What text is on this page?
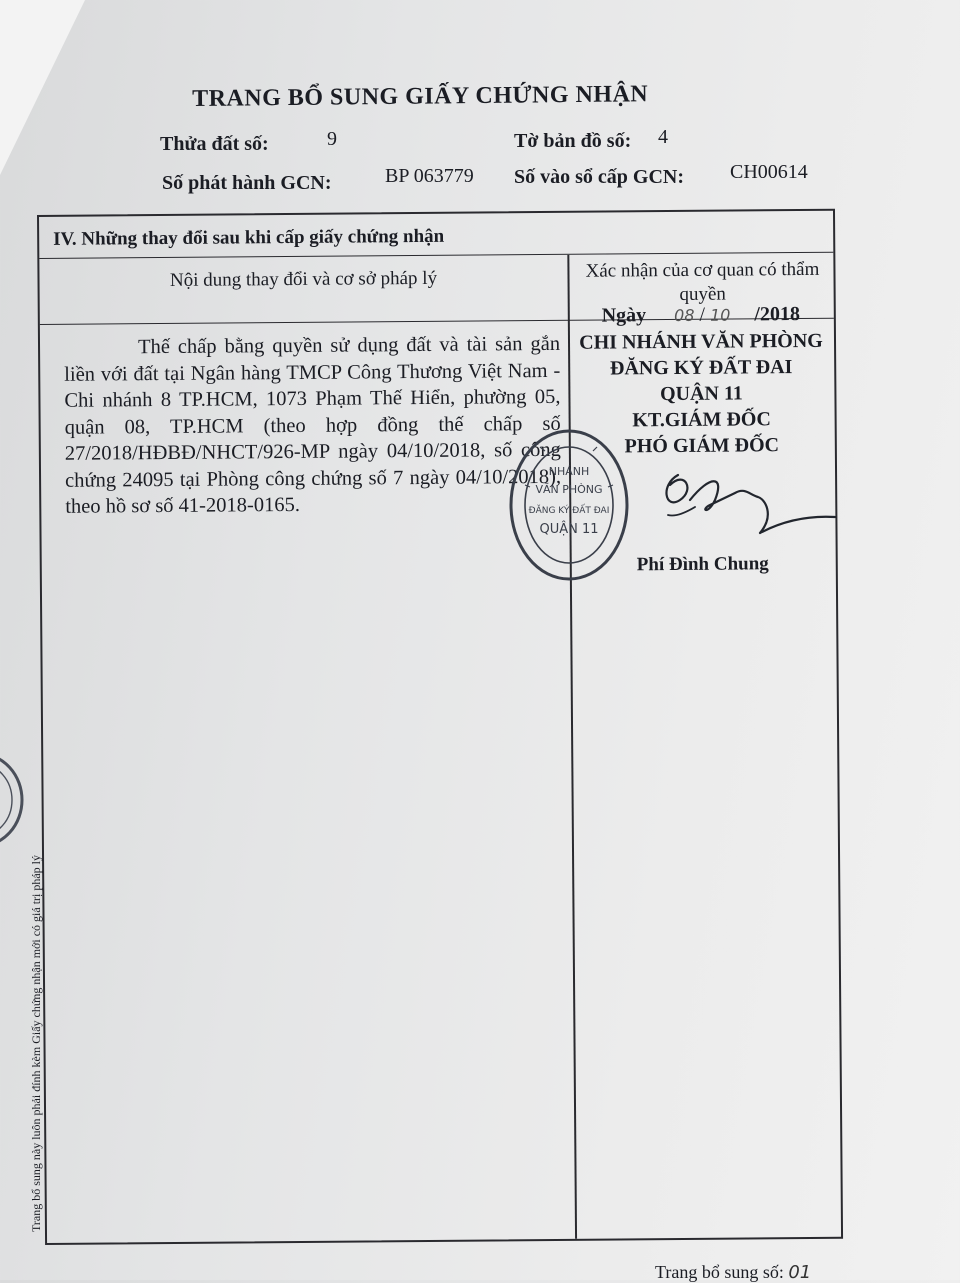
TRANG BỔ SUNG GIẤY CHỨNG NHẬN
Thửa đất số:	9	Tờ bản đồ số: 4
Số phát hành GCN:	BP 063779 Số vào sổ cấp GCN: CH00614
IV. Những thay đổi sau khi cấp giấy chứng nhận
Nội dung thay đổi và cơ sở pháp lý	Xác nhận của cơ quan có thẩm quyền
Thế chấp bằng quyền sử dụng đất và tài sản gắn liền với đất tại Ngân hàng TMCP Công Thương Việt Nam - Chi nhánh 8 TP.HCM, 1073 Phạm Thế Hiển, phường 05, quận 08, TP.HCM (theo hợp đồng thế chấp số 27/2018/HĐBĐ/NHCT/926-MP ngày 04/10/2018, số công chứng 24095 tại Phòng công chứng số 7 ngày 04/10/2018), theo hồ sơ số 41-2018-0165.
Ngày 08 / 10 /2018
CHI NHÁNH VĂN PHÒNG
ĐĂNG KÝ ĐẤT ĐAI
QUẬN 11
KT.GIÁM ĐỐC
PHÓ GIÁM ĐỐC
Phí Đình Chung
NHÁNH
VĂN PHÒNG
ĐĂNG KÝ ĐẤT ĐAI
QUẬN 11
Trang bổ sung này luôn phải đính kèm Giấy chứng nhận mới có giá trị pháp lý
Trang bổ sung số: 01
